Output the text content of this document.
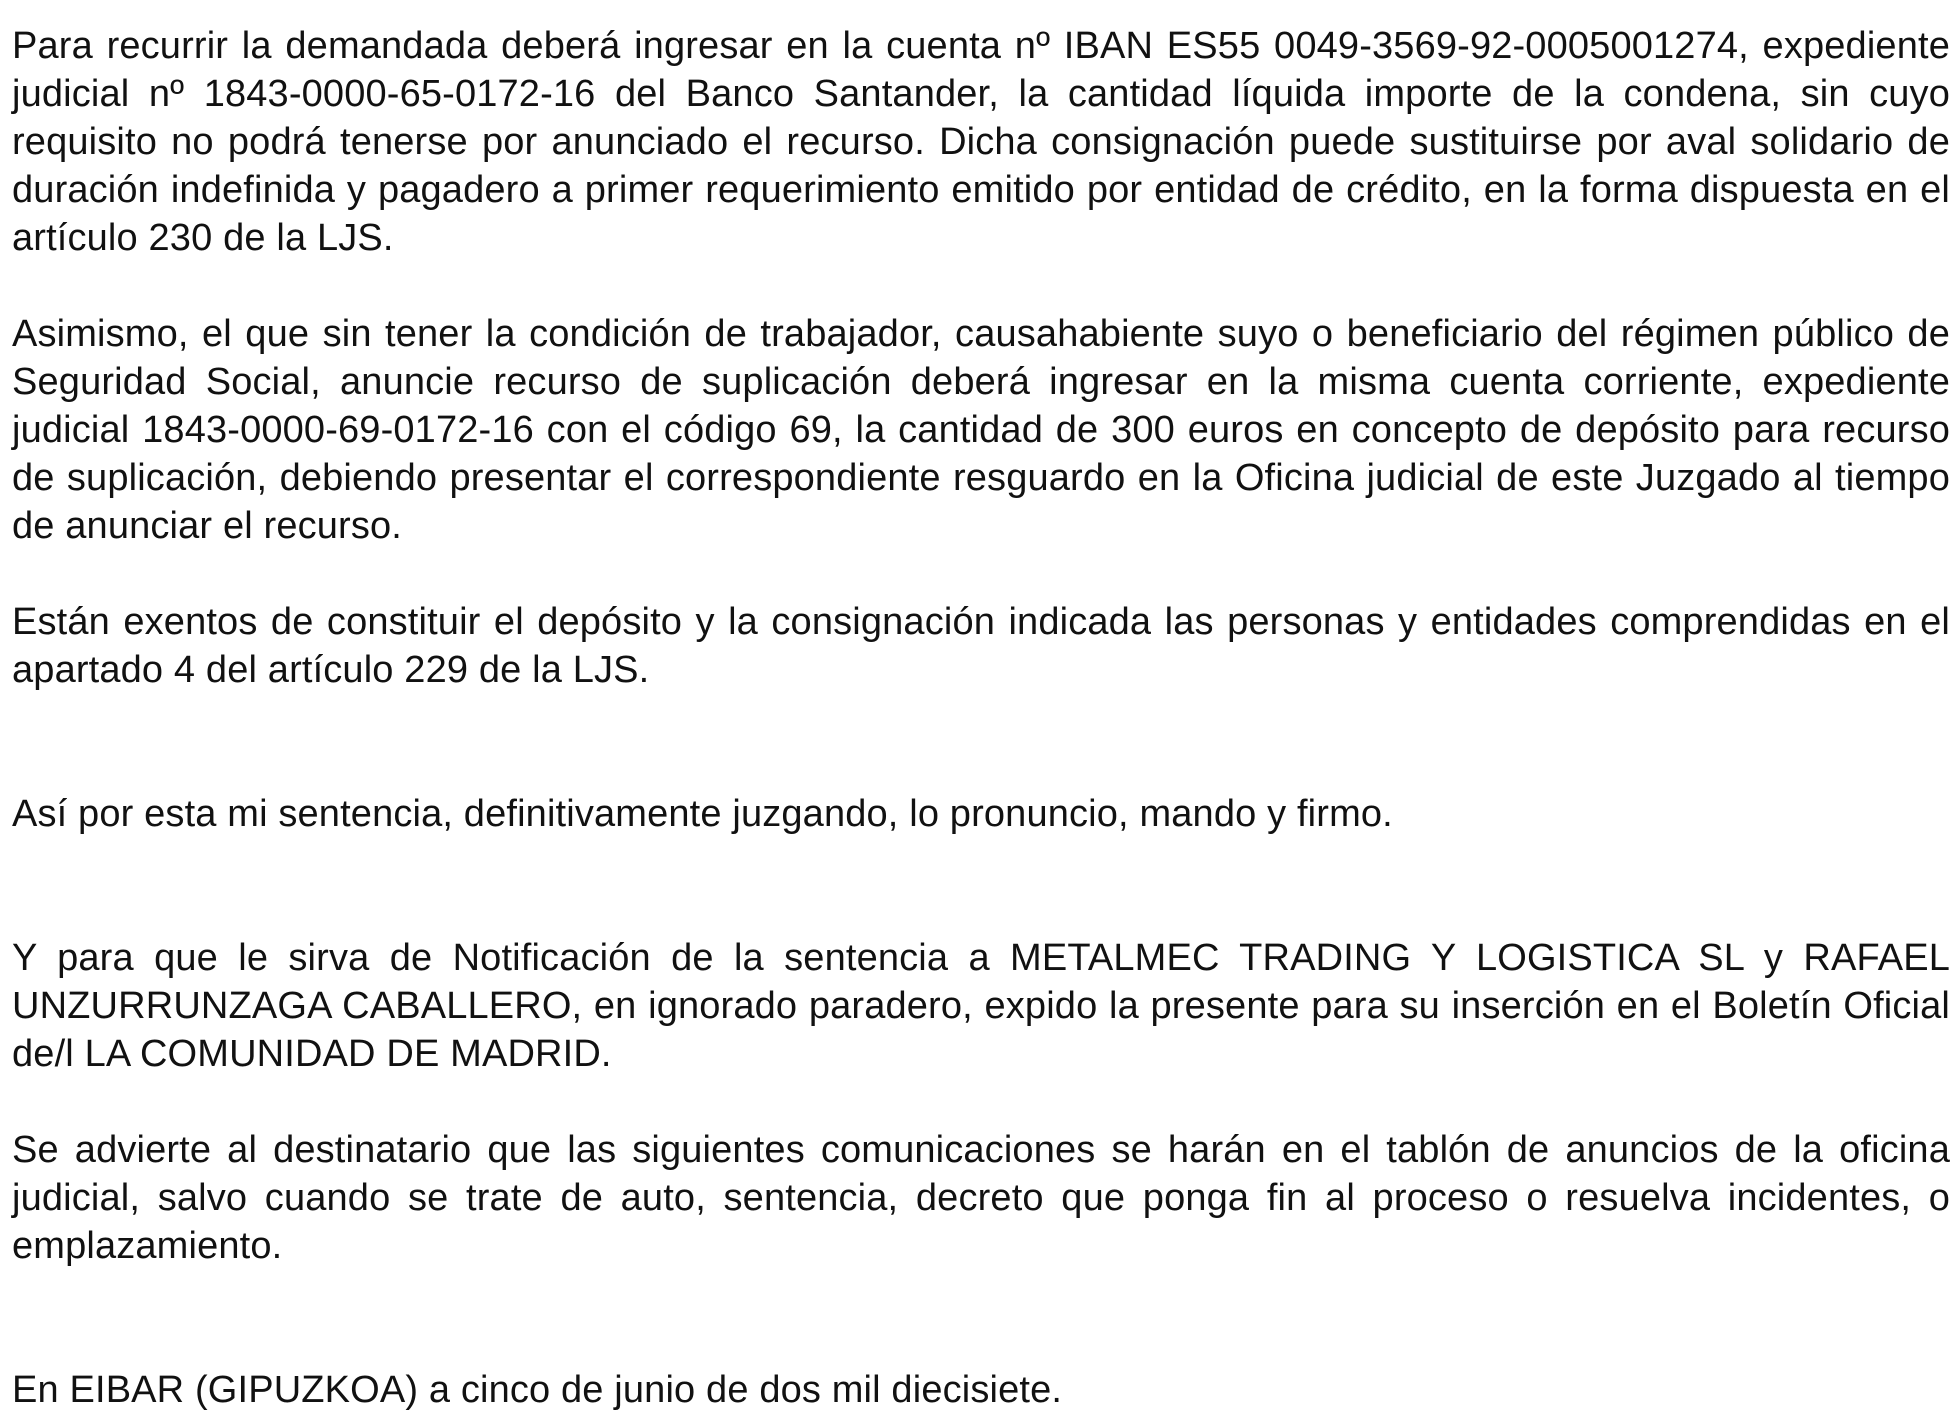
Para recurrir la demandada deberá ingresar en la cuenta nº IBAN ES55 0049-3569-92-0005001274, expediente judicial nº 1843-0000-65-0172-16 del Banco Santander, la cantidad líquida importe de la condena, sin cuyo requisito no podrá tenerse por anunciado el recurso. Dicha consignación puede sustituirse por aval solidario de duración indefinida y pagadero a primer requerimiento emitido por entidad de crédito, en la forma dispuesta en el artículo 230 de la LJS.

Asimismo, el que sin tener la condición de trabajador, causahabiente suyo o beneficiario del régimen público de Seguridad Social, anuncie recurso de suplicación deberá ingresar en la misma cuenta corriente, expediente judicial 1843-0000-69-0172-16 con el código 69, la cantidad de 300 euros en concepto de depósito para recurso de suplicación, debiendo presentar el correspondiente resguardo en la Oficina judicial de este Juzgado al tiempo de anunciar el recurso.

Están exentos de constituir el depósito y la consignación indicada las personas y entidades comprendidas en el apartado 4 del artículo 229 de la LJS.

Así por esta mi sentencia, definitivamente juzgando, lo pronuncio, mando y firmo.

Y para que le sirva de Notificación de la sentencia a METALMEC TRADING Y LOGISTICA SL y RAFAEL UNZURRUNZAGA CABALLERO, en ignorado paradero, expido la presente para su inserción en el Boletín Oficial de/l LA COMUNIDAD DE MADRID.

Se advierte al destinatario que las siguientes comunicaciones se harán en el tablón de anuncios de la oficina judicial, salvo cuando se trate de auto, sentencia, decreto que ponga fin al proceso o resuelva incidentes, o emplazamiento.

En EIBAR (GIPUZKOA) a cinco de junio de dos mil diecisiete.
